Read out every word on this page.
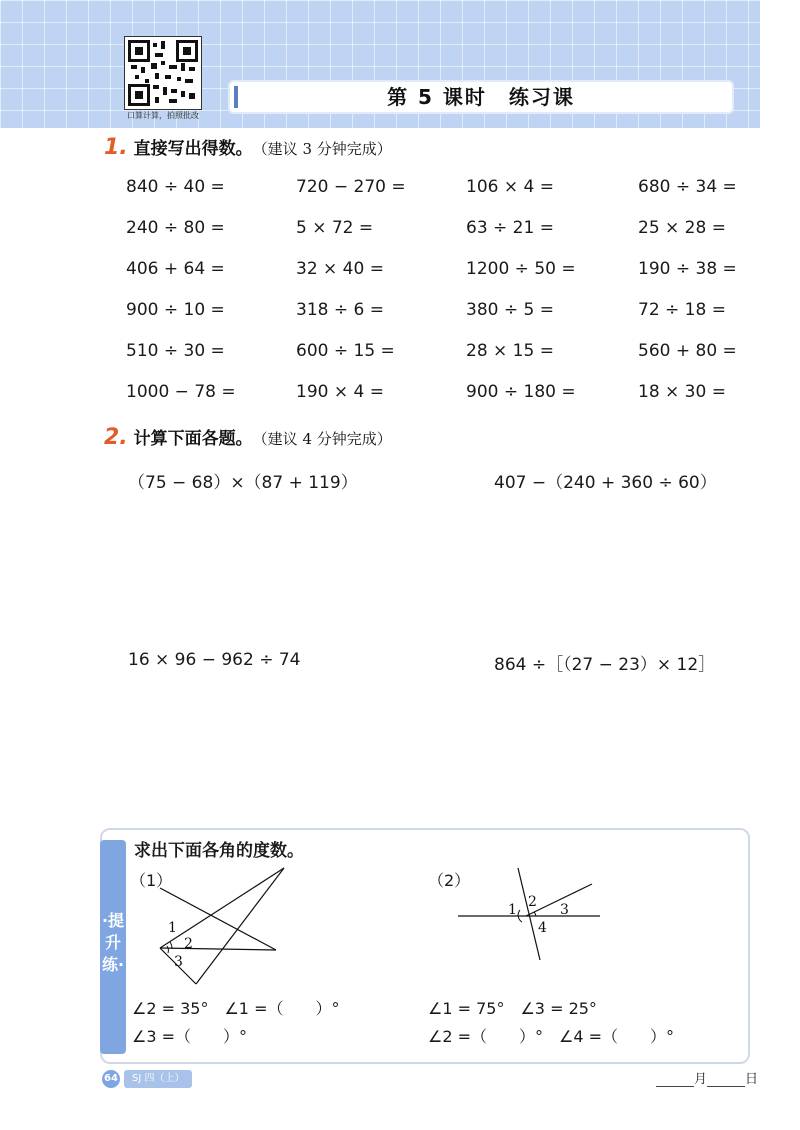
口算计算，拍照批改
第 5 课时　练习课
1. 直接写出得数。 （建议 3 分钟完成）
840 ÷ 40 =	720 − 270 =	106 × 4 =	680 ÷ 34 =
240 ÷ 80 =	5 × 72 =	63 ÷ 21 =	25 × 28 =
406 + 64 =	32 × 40 =	1200 ÷ 50 =	190 ÷ 38 =
900 ÷ 10 =	318 ÷ 6 =	380 ÷ 5 =	72 ÷ 18 =
510 ÷ 30 =	600 ÷ 15 =	28 × 15 =	560 + 80 =
1000 − 78 =	190 × 4 =	900 ÷ 180 =	18 × 30 =
2. 计算下面各题。 （建议 4 分钟完成）
（75 − 68）×（87 + 119）	407 −（240 + 360 ÷ 60）
16 × 96 − 962 ÷ 74	864 ÷［（27 − 23）× 12］
·提升练·
求出下面各角的度数。
（1）
1
2
3
（2）
1 2 3
4
∠2 = 35°　∠1 =（　　）°
∠3 =（　　）°
∠1 = 75°　∠3 = 25°
∠2 =（　　）°　∠4 =（　　）°
64	SJ 四（上）	月	日
